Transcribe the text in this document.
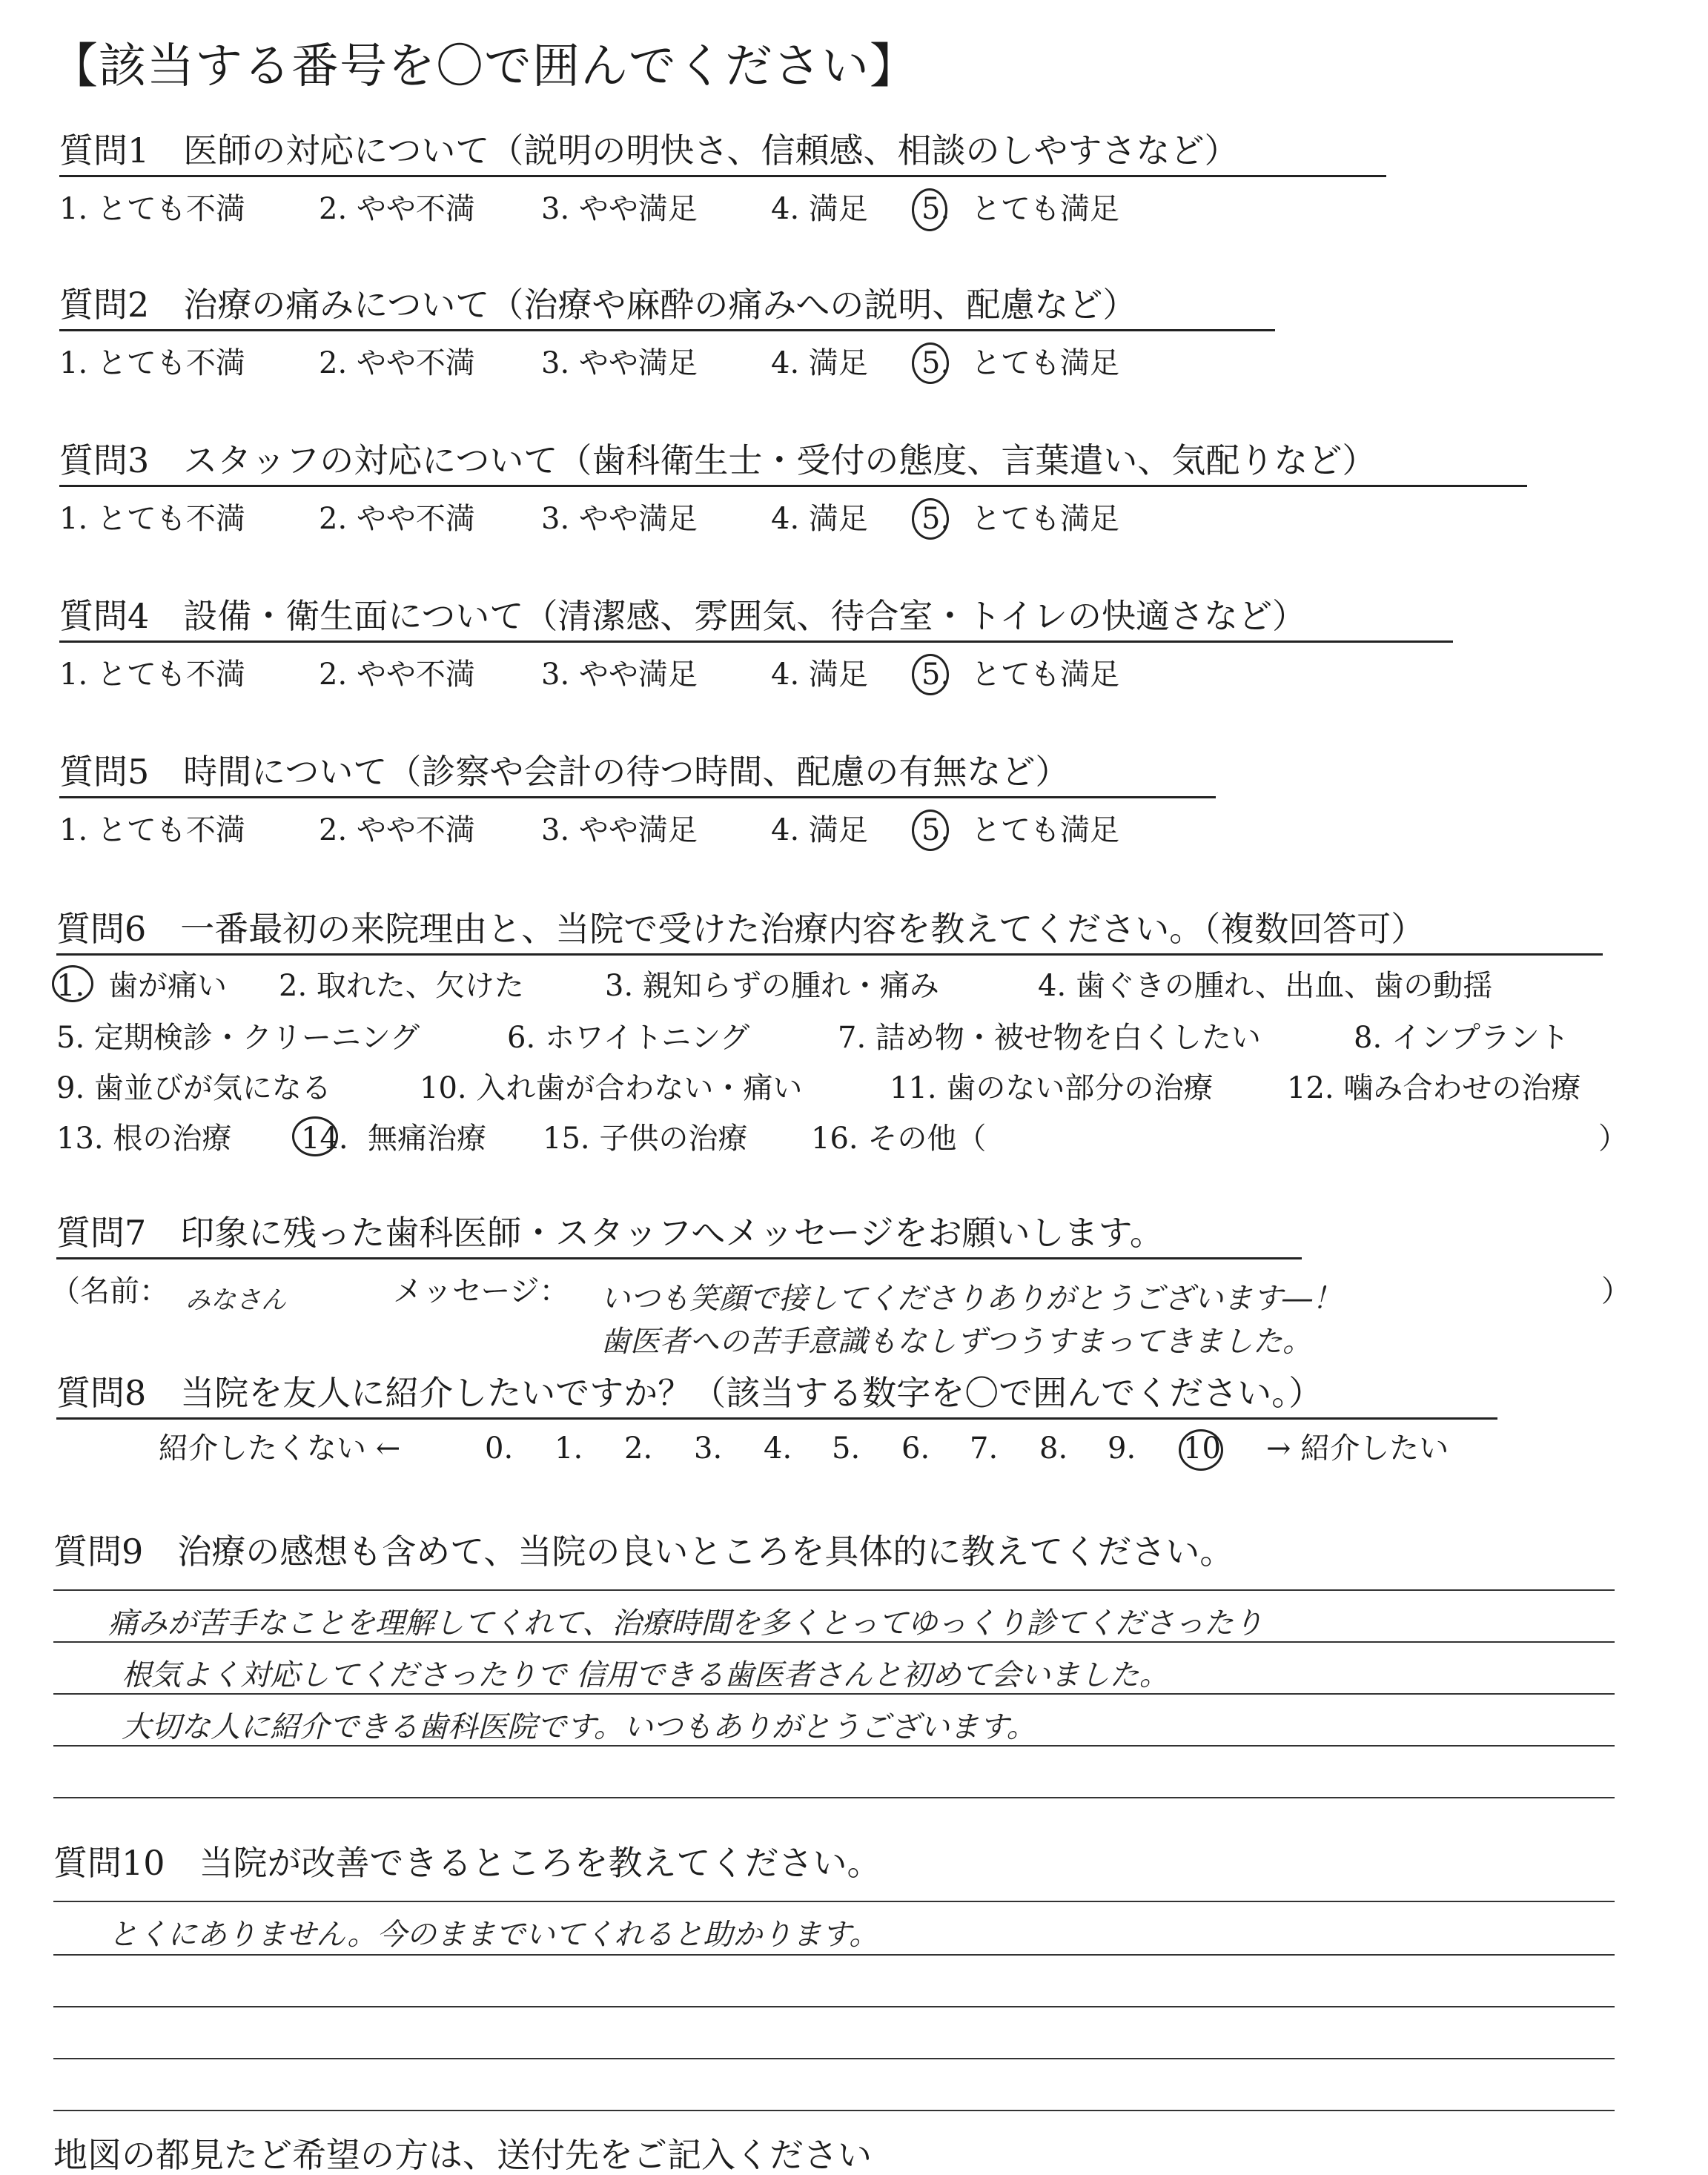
【該当する番号を〇で囲んでください】
質問1　医師の対応について（説明の明快さ、信頼感、相談のしやすさなど）
1. とても不満 2. やや不満 3. やや満足 4. 満足 5. とても満足
質問2　治療の痛みについて（治療や麻酔の痛みへの説明、配慮など）
1. とても不満 2. やや不満 3. やや満足 4. 満足 5. とても満足
質問3　スタッフの対応について（歯科衛生士・受付の態度、言葉遣い、気配りなど）
1. とても不満 2. やや不満 3. やや満足 4. 満足 5. とても満足
質問4　設備・衛生面について（清潔感、雰囲気、待合室・トイレの快適さなど）
1. とても不満 2. やや不満 3. やや満足 4. 満足 5. とても満足
質問5　時間について（診察や会計の待つ時間、配慮の有無など）
1. とても不満 2. やや不満 3. やや満足 4. 満足 5. とても満足
質問6　一番最初の来院理由と、当院で受けた治療内容を教えてください。（複数回答可）
1. 歯が痛い 2. 取れた、欠けた	3. 親知らずの腫れ・痛み	4. 歯ぐきの腫れ、出血、歯の動揺
5. 定期検診・クリーニング	6. ホワイトニング	7. 詰め物・被せ物を白くしたい	8. インプラント
9. 歯並びが気になる	10. 入れ歯が合わない・痛い	11. 歯のない部分の治療 12. 噛み合わせの治療
13. 根の治療 14. 無痛治療 15. 子供の治療 16. その他（	）
質問7　印象に残った歯科医師・スタッフへメッセージをお願いします。
（名前： みなさん	メッセージ： いつも笑顔で接してくださりありがとうございます―！
歯医者への苦手意識もなしずつうすまってきました。
）
質問8　当院を友人に紹介したいですか？（該当する数字を〇で囲んでください。）
紹介したくない ←	0. 1. 2. 3. 4. 5. 6. 7. 8. 9. 10 → 紹介したい
質問9　治療の感想も含めて、当院の良いところを具体的に教えてください。
痛みが苦手なことを理解してくれて、治療時間を多くとってゆっくり診てくださったり
根気よく対応してくださったりで 信用できる歯医者さんと初めて会いました。
大切な人に紹介できる歯科医院です。いつもありがとうございます。
質問10　当院が改善できるところを教えてください。
とくにありません。今のままでいてくれると助かります。
地図の都見たど希望の方は、送付先をご記入ください
